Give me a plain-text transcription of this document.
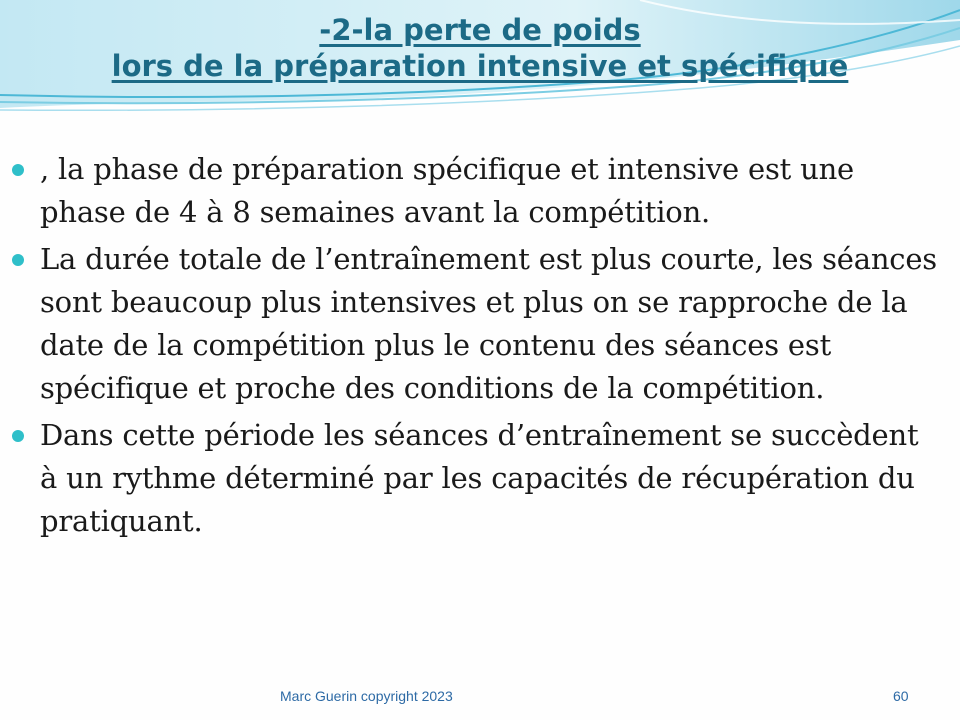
-2-la perte de poids
lors de la préparation intensive et spécifique

, la phase de préparation spécifique et intensive est une phase de 4 à 8 semaines avant la compétition.

La durée totale de l’entraînement est plus courte, les séances sont beaucoup plus intensives et plus on se rapproche de la date de la compétition plus le contenu des séances est spécifique et proche des conditions de la compétition.

Dans cette période les séances d’entraînement se succèdent à un rythme déterminé par les capacités de récupération du pratiquant.

Marc Guerin copyright 2023	60
